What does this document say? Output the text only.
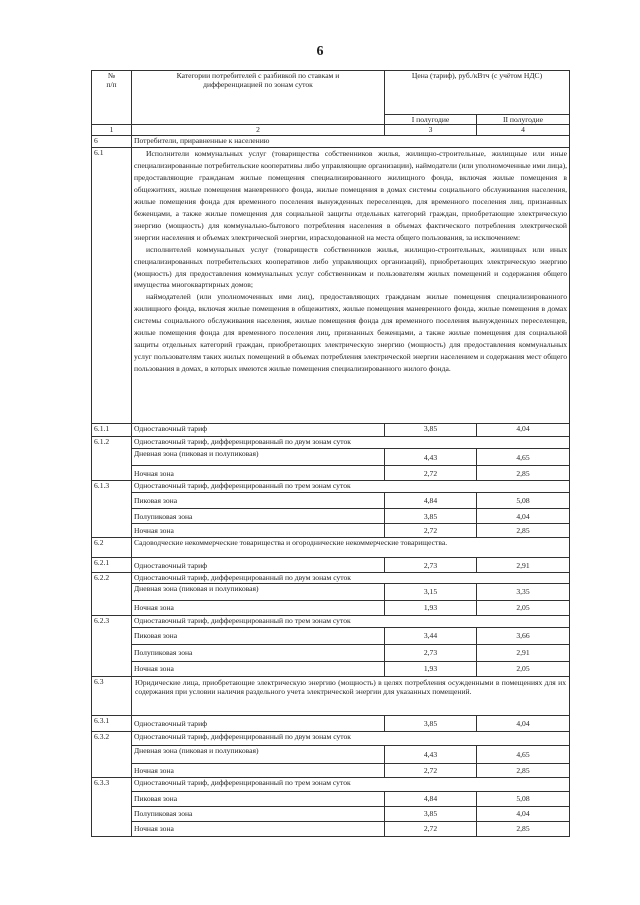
6
№
п/п	Категории потребителей с разбивкой по ставкам и дифференциацией по зонам суток	Цена (тариф), руб./кВтч (с учётом НДС)	
		I полугодие	II полугодие
1	2	3	4
6	Потребители, приравненные к населению		
6.1	Исполнители коммунальных услуг (товарищества собственников жилья, жилищно-строительные, жилищные или иные специализированные потребительские кооперативы либо управляющие организации), наймодатели (или уполномоченные ими лица), предоставляющие гражданам жилые помещения специализированного жилищного фонда, включая жилые помещения в общежитиях, жилые помещения маневренного фонда, жилые помещения в домах системы социального обслуживания населения, жилые помещения фонда для временного поселения вынужденных переселенцев, для временного поселения лиц, признанных беженцами, а также жилые помещения для социальной защиты отдельных категорий граждан, приобретающие электрическую энергию (мощность) для коммунально-бытового потребления населения в объемах фактического потребления электрической энергии населения и объемах электрической энергии, израсходованной на места общего пользования, за исключением:

исполнителей коммунальных услуг (товариществ собственников жилья, жилищно-строительных, жилищных или иных специализированных потребительских кооперативов либо управляющих организаций), приобретающих электрическую энергию (мощность) для предоставления коммунальных услуг собственникам и пользователям жилых помещений и содержания общего имущества многоквартирных домов;

наймодателей (или уполномоченных ими лиц), предоставляющих гражданам жилые помещения специализированного жилищного фонда, включая жилые помещения в общежитиях, жилые помещения маневренного фонда, жилые помещения в домах системы социального обслуживания населения, жилые помещения фонда для временного поселения вынужденных переселенцев, жилые помещения фонда для временного поселения лиц, признанных беженцами, а также жилые помещения для социальной защиты отдельных категорий граждан, приобретающих электрическую энергию (мощность) для предоставления коммунальных услуг пользователям таких жилых помещений в объемах потребления электрической энергии населением и содержания мест общего пользования в домах, в которых имеются жилые помещения специализированного жилого фонда.		

6.1.1	Одноставочный тариф	3,85	4,04
6.1.2	Одноставочный тариф, дифференцированный по двум зонам суток		
	Дневная зона (пиковая и полупиковая)	4,43	4,65
	Ночная зона	2,72	2,85
6.1.3	Одноставочный тариф, дифференцированный по трем зонам суток		
	Пиковая зона	4,84	5,08
	Полупиковая зона	3,85	4,04
	Ночная зона	2,72	2,85
6.2	Садоводческие некоммерческие товарищества и огороднические некоммерческие товарищества.		
6.2.1	Одноставочный тариф	2,73	2,91
6.2.2	Одноставочный тариф, дифференцированный по двум зонам суток		
	Дневная зона (пиковая и полупиковая)	3,15	3,35
	Ночная зона	1,93	2,05
6.2.3	Одноставочный тариф, дифференцированный по трем зонам суток		
	Пиковая зона	3,44	3,66
	Полупиковая зона	2,73	2,91
	Ночная зона	1,93	2,05
6.3	Юридические лица, приобретающие электрическую энергию (мощность) в целях потребления осужденными в помещениях для их содержания при условии наличия раздельного учета электрической энергии для указанных помещений.		
6.3.1	Одноставочный тариф	3,85	4,04
6.3.2	Одноставочный тариф, дифференцированный по двум зонам суток		
	Дневная зона (пиковая и полупиковая)	4,43	4,65
	Ночная зона	2,72	2,85
6.3.3	Одноставочный тариф, дифференцированный по трем зонам суток		
	Пиковая зона	4,84	5,08
	Полупиковая зона	3,85	4,04
	Ночная зона	2,72	2,85
